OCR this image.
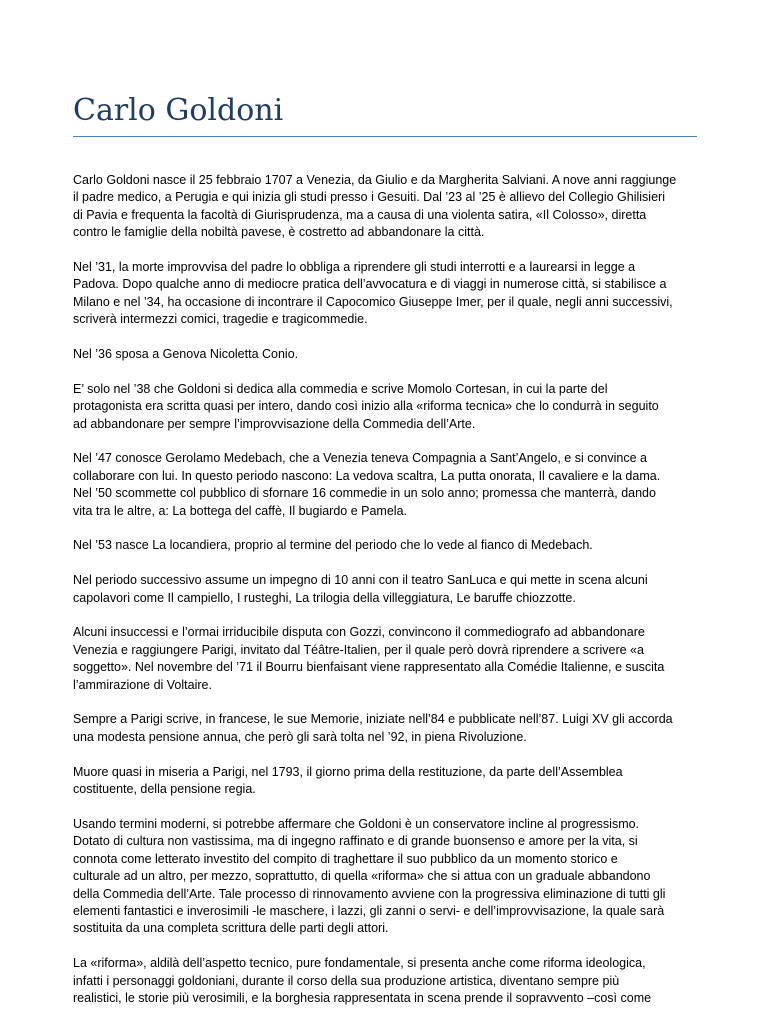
Carlo Goldoni

Carlo Goldoni nasce il 25 febbraio 1707 a Venezia, da Giulio e da Margherita Salviani. A nove anni raggiunge
il padre medico, a Perugia e qui inizia gli studi presso i Gesuiti. Dal ’23 al ’25 è allievo del Collegio Ghilisieri
di Pavia e frequenta la facoltà di Giurisprudenza, ma a causa di una violenta satira, «Il Colosso», diretta
contro le famiglie della nobiltà pavese, è costretto ad abbandonare la città.

Nel ’31, la morte improvvisa del padre lo obbliga a riprendere gli studi interrotti e a laurearsi in legge a
Padova. Dopo qualche anno di mediocre pratica dell’avvocatura e di viaggi in numerose città, si stabilisce a
Milano e nel ’34, ha occasione di incontrare il Capocomico Giuseppe Imer, per il quale, negli anni successivi,
scriverà intermezzi comici, tragedie e tragicommedie.

Nel ’36 sposa a Genova Nicoletta Conio.

E’ solo nel ’38 che Goldoni si dedica alla commedia e scrive Momolo Cortesan, in cui la parte del
protagonista era scritta quasi per intero, dando così inizio alla «riforma tecnica» che lo condurrà in seguito
ad abbandonare per sempre l’improvvisazione della Commedia dell’Arte.

Nel ’47 conosce Gerolamo Medebach, che a Venezia teneva Compagnia a Sant’Angelo, e si convince a
collaborare con lui. In questo periodo nascono: La vedova scaltra, La putta onorata, Il cavaliere e la dama.
Nel ’50 scommette col pubblico di sfornare 16 commedie in un solo anno; promessa che manterrà, dando
vita tra le altre, a: La bottega del caffè, Il bugiardo e Pamela.

Nel ’53 nasce La locandiera, proprio al termine del periodo che lo vede al fianco di Medebach.

Nel periodo successivo assume un impegno di 10 anni con il teatro SanLuca e qui mette in scena alcuni
capolavori come Il campiello, I rusteghi, La trilogia della villeggiatura, Le baruffe chiozzotte.

Alcuni insuccessi e l’ormai irriducibile disputa con Gozzi, convincono il commediografo ad abbandonare
Venezia e raggiungere Parigi, invitato dal Téâtre-Italien, per il quale però dovrà riprendere a scrivere «a
soggetto». Nel novembre del ’71 il Bourru bienfaisant viene rappresentato alla Comédie Italienne, e suscita
l’ammirazione di Voltaire.

Sempre a Parigi scrive, in francese, le sue Memorie, iniziate nell’84 e pubblicate nell’87. Luigi XV gli accorda
una modesta pensione annua, che però gli sarà tolta nel ’92, in piena Rivoluzione.

Muore quasi in miseria a Parigi, nel 1793, il giorno prima della restituzione, da parte dell’Assemblea
costituente, della pensione regia.

Usando termini moderni, si potrebbe affermare che Goldoni è un conservatore incline al progressismo.
Dotato di cultura non vastissima, ma di ingegno raffinato e di grande buonsenso e amore per la vita, si
connota come letterato investito del compito di traghettare il suo pubblico da un momento storico e
culturale ad un altro, per mezzo, soprattutto, di quella «riforma» che si attua con un graduale abbandono
della Commedia dell’Arte. Tale processo di rinnovamento avviene con la progressiva eliminazione di tutti gli
elementi fantastici e inverosimili -le maschere, i lazzi, gli zanni o servi- e dell’improvvisazione, la quale sarà
sostituita da una completa scrittura delle parti degli attori.

La «riforma», aldilà dell’aspetto tecnico, pure fondamentale, si presenta anche come riforma ideologica,
infatti i personaggi goldoniani, durante il corso della sua produzione artistica, diventano sempre più
realistici, le storie più verosimili, e la borghesia rappresentata in scena prende il sopravvento –così come
